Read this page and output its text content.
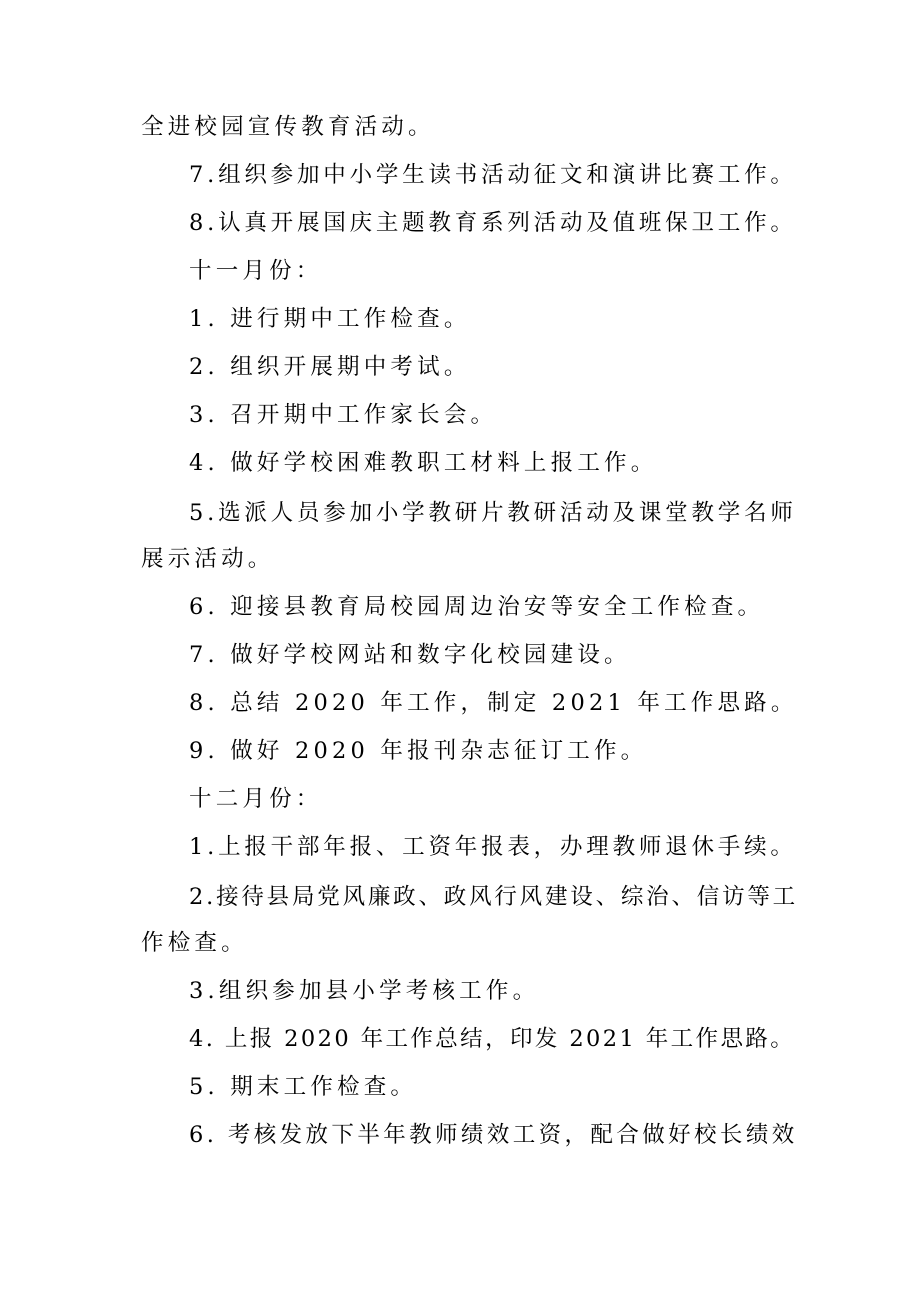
全进校园宣传教育活动。

7.组织参加中小学生读书活动征文和演讲比赛工作。

8.认真开展国庆主题教育系列活动及值班保卫工作。

十一月份：

1. 进行期中工作检查。

2. 组织开展期中考试。

3. 召开期中工作家长会。

4. 做好学校困难教职工材料上报工作。

5.选派人员参加小学教研片教研活动及课堂教学名师

展示活动。

6. 迎接县教育局校园周边治安等安全工作检查。

7. 做好学校网站和数字化校园建设。

8. 总结 2020 年工作，制定 2021 年工作思路。

9. 做好 2020 年报刊杂志征订工作。

十二月份：

1.上报干部年报、工资年报表，办理教师退休手续。

2.接待县局党风廉政、政风行风建设、综治、信访等工

作检查。

3.组织参加县小学考核工作。

4. 上报 2020 年工作总结，印发 2021 年工作思路。

5. 期末工作检查。

6. 考核发放下半年教师绩效工资，配合做好校长绩效
